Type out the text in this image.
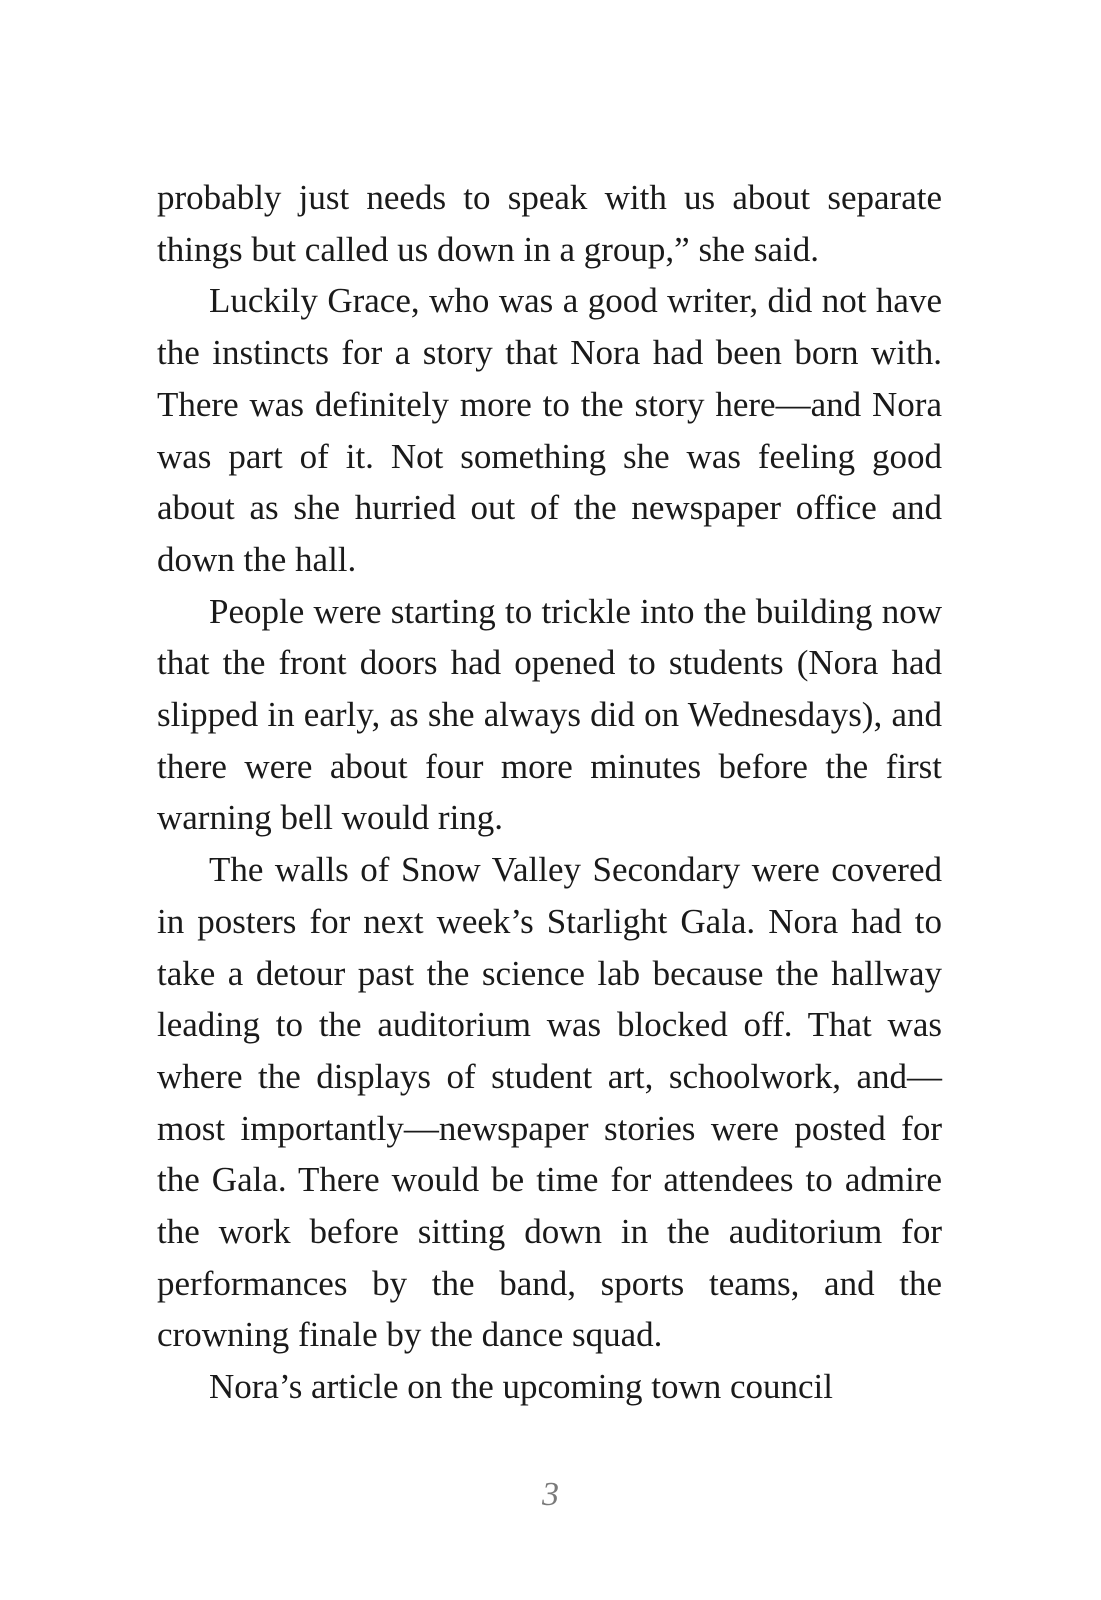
probably just needs to speak with us about separate things but called us down in a group,” she said.

Luckily Grace, who was a good writer, did not have the instincts for a story that Nora had been born with. There was definitely more to the story here—and Nora was part of it. Not something she was feeling good about as she hurried out of the newspaper office and down the hall.

People were starting to trickle into the building now that the front doors had opened to students (Nora had slipped in early, as she always did on Wednesdays), and there were about four more minutes before the first warning bell would ring.

The walls of Snow Valley Secondary were covered in posters for next week’s Starlight Gala. Nora had to take a detour past the science lab because the hallway leading to the auditorium was blocked off. That was where the displays of student art, schoolwork, and—most importantly—newspaper stories were posted for the Gala. There would be time for attendees to admire the work before sitting down in the auditorium for performances by the band, sports teams, and the crowning finale by the dance squad.

Nora’s article on the upcoming town council

3
